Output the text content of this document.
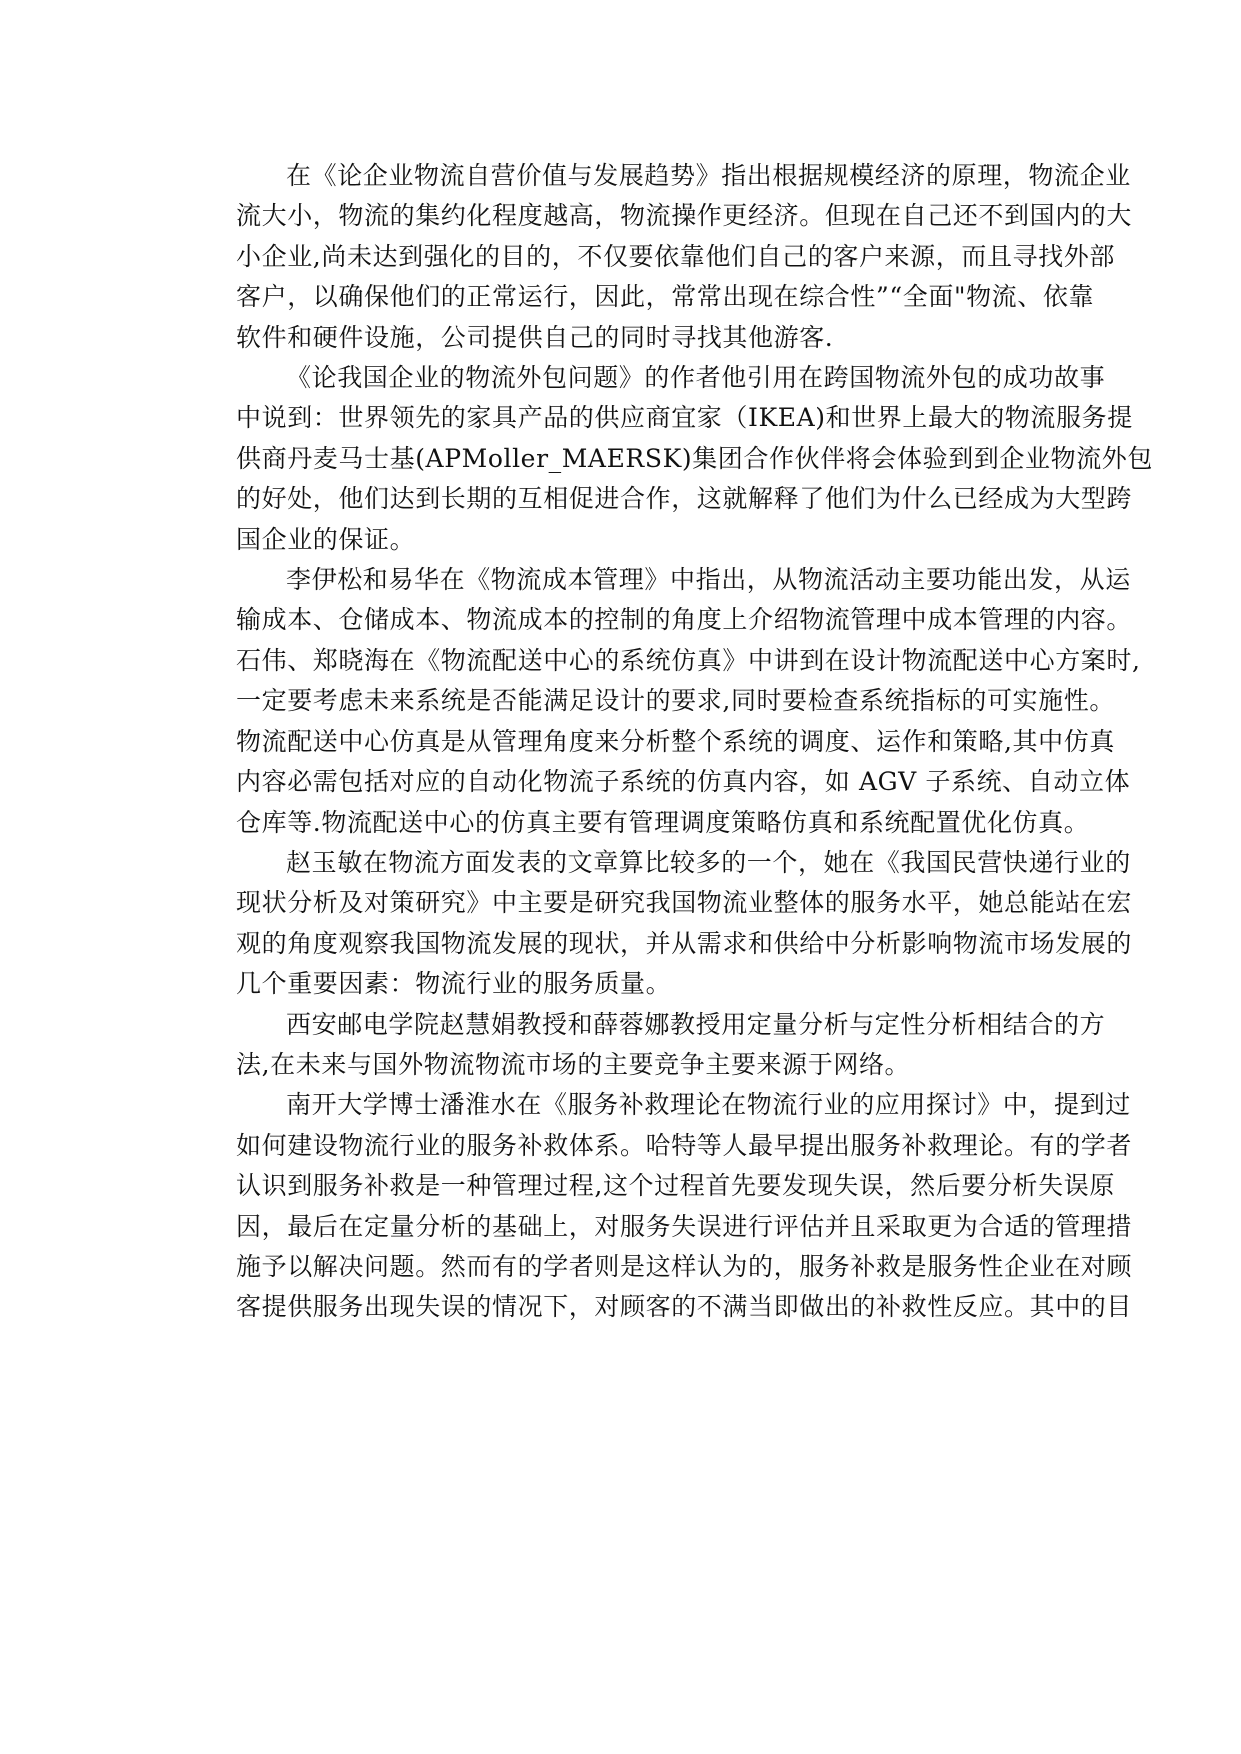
在《论企业物流自营价值与发展趋势》指出根据规模经济的原理，物流企业
流大小，物流的集约化程度越高，物流操作更经济。但现在自己还不到国内的大
小企业,尚未达到强化的目的，不仅要依靠他们自己的客户来源，而且寻找外部
客户，以确保他们的正常运行，因此，常常出现在综合性”“全面"物流、依靠
软件和硬件设施，公司提供自己的同时寻找其他游客.

《论我国企业的物流外包问题》的作者他引用在跨国物流外包的成功故事
中说到：世界领先的家具产品的供应商宜家（IKEA)和世界上最大的物流服务提
供商丹麦马士基(APMoller_MAERSK)集团合作伙伴将会体验到到企业物流外包
的好处，他们达到长期的互相促进合作，这就解释了他们为什么已经成为大型跨
国企业的保证。

李伊松和易华在《物流成本管理》中指出，从物流活动主要功能出发，从运
输成本、仓储成本、物流成本的控制的角度上介绍物流管理中成本管理的内容。
石伟、郑晓海在《物流配送中心的系统仿真》中讲到在设计物流配送中心方案时,
一定要考虑未来系统是否能满足设计的要求,同时要检查系统指标的可实施性。
物流配送中心仿真是从管理角度来分析整个系统的调度、运作和策略,其中仿真
内容必需包括对应的自动化物流子系统的仿真内容，如 AGV 子系统、自动立体
仓库等.物流配送中心的仿真主要有管理调度策略仿真和系统配置优化仿真。

赵玉敏在物流方面发表的文章算比较多的一个，她在《我国民营快递行业的
现状分析及对策研究》中主要是研究我国物流业整体的服务水平，她总能站在宏
观的角度观察我国物流发展的现状，并从需求和供给中分析影响物流市场发展的
几个重要因素：物流行业的服务质量。

西安邮电学院赵慧娟教授和薛蓉娜教授用定量分析与定性分析相结合的方
法,在未来与国外物流物流市场的主要竞争主要来源于网络。

南开大学博士潘淮水在《服务补救理论在物流行业的应用探讨》中，提到过
如何建设物流行业的服务补救体系。哈特等人最早提出服务补救理论。有的学者
认识到服务补救是一种管理过程,这个过程首先要发现失误，然后要分析失误原
因，最后在定量分析的基础上，对服务失误进行评估并且采取更为合适的管理措
施予以解决问题。然而有的学者则是这样认为的，服务补救是服务性企业在对顾
客提供服务出现失误的情况下，对顾客的不满当即做出的补救性反应。其中的目
